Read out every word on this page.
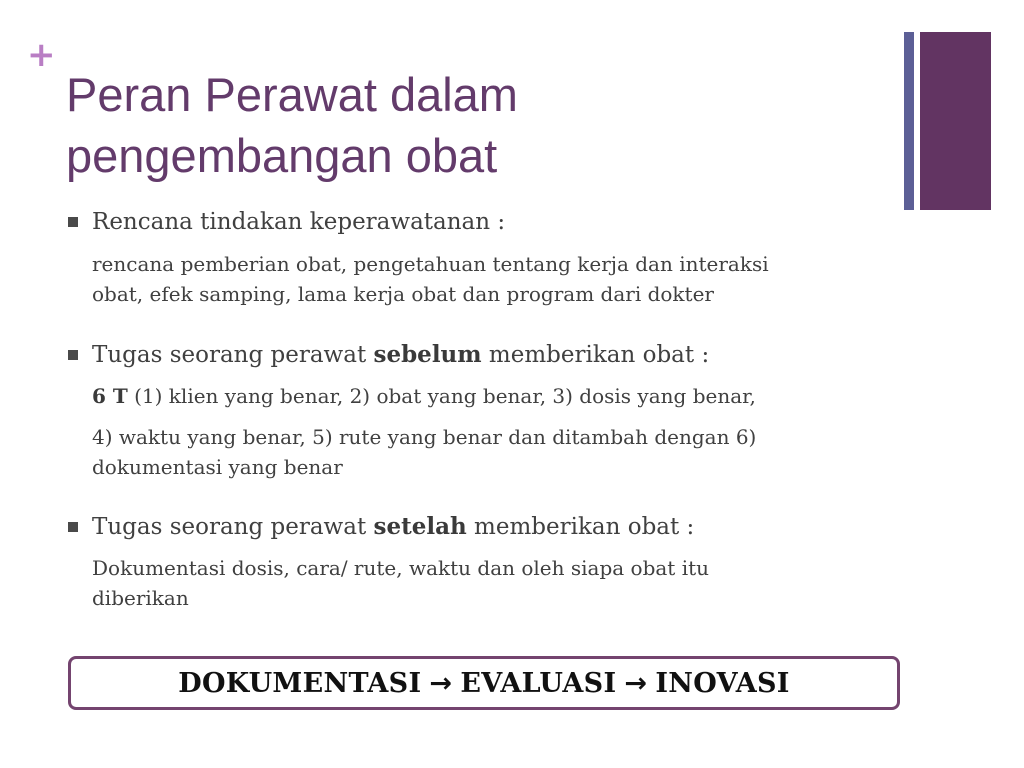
+
Peran Perawat dalam
pengembangan obat
Rencana tindakan keperawatanan :
rencana pemberian obat, pengetahuan tentang kerja dan interaksi
obat, efek samping, lama kerja obat dan program dari dokter
Tugas seorang perawat sebelum memberikan obat :
6 T (1) klien yang benar, 2) obat yang benar, 3) dosis yang benar,
4) waktu yang benar, 5) rute yang benar dan ditambah dengan 6)
dokumentasi yang benar
Tugas seorang perawat setelah memberikan obat :
Dokumentasi dosis, cara/ rute, waktu dan oleh siapa obat itu
diberikan
DOKUMENTASI → EVALUASI → INOVASI
